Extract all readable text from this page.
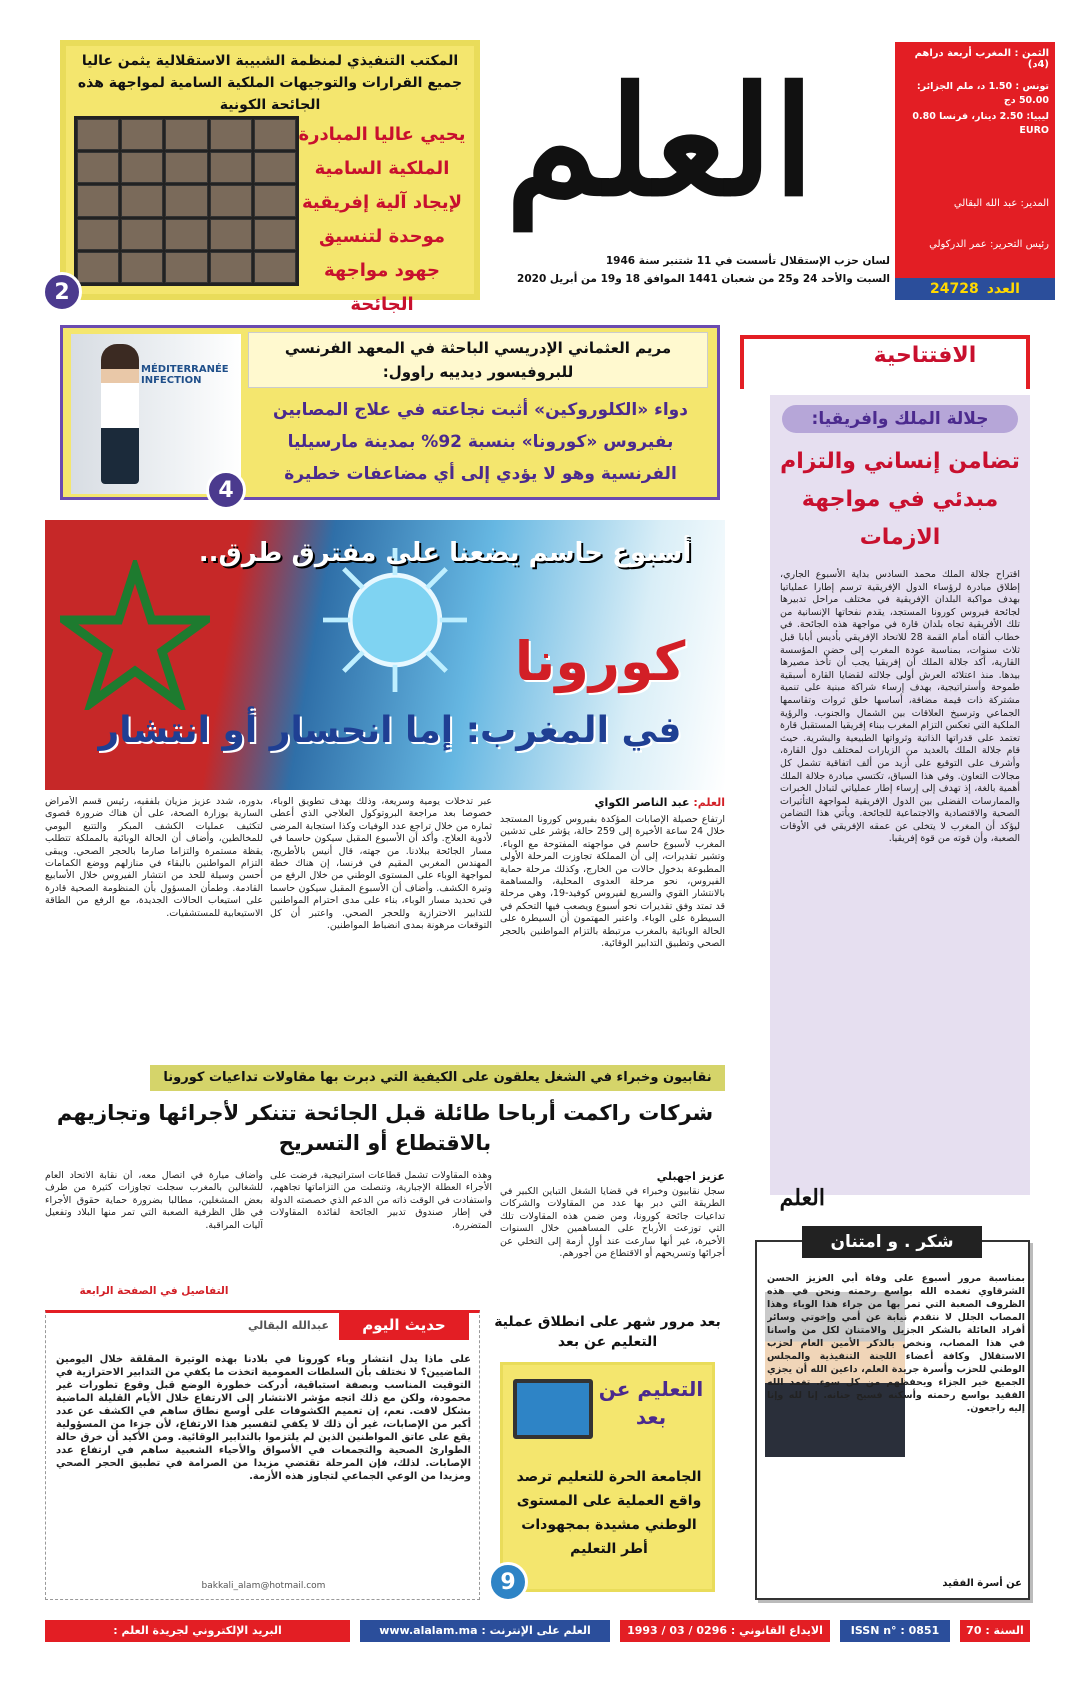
الثمن : المغرب أربعة دراهم (4د)
تونس : 1.50 د، ملم الجزائر: 50.00 دج
ليبيا: 2.50 دينار، فرنسا 0.80 EURO
المدير: عبد الله البقالي
رئيس التحرير: عمر الدركولي
العدد
24728
العلم
لسان حزب الإستقلال تأسست في 11 شتنبر سنة 1946
السبت والأحد 24 و25 من شعبان 1441 الموافق 18 و19 من أبريل 2020
المكتب التنفيذي لمنظمة الشبيبة الاستقلالية يثمن عاليا جميع القرارات والتوجيهات الملكية السامية لمواجهة هذه الجائحة الكونية
يحيي عاليا المبادرة الملكية السامية لإيجاد آلية إفريقية موحدة لتنسيق جهود مواجهة الجائحة
2
MÉDITERRANÉE INFECTION
مريم العثماني الإدريسي الباحثة في المعهد الفرنسي للبروفيسور ديدييه راوول:
دواء «الكلوروكين» أثبت نجاعته في علاج المصابين بفيروس «كورونا» بنسبة 92% بمدينة مارسيليا الفرنسية وهو لا يؤدي إلى أي مضاعفات خطيرة
4
أسبوع حاسم يضعنا على مفترق طرق..
كورونا
في المغرب: إما انحسار أو انتشار
العلم: عبد الناصر الكواي
ارتفاع حصيلة الإصابات المؤكدة بفيروس كورونا المستجد خلال 24 ساعة الأخيرة إلى 259 حالة، يؤشر على تدشين المغرب لأسبوع حاسم في مواجهته المفتوحة مع الوباء. وتشير تقديرات، إلى أن المملكة تجاوزت المرحلة الأولى المطبوعة بدخول حالات من الخارج، وكذلك مرحلة حماية الفيروس، نحو مرحلة العدوى المحلية، والمساهمة بالانتشار القوي والسريع لفيروس كوفيد-19، وهي مرحلة قد تمتد وفق تقديرات نحو أسبوع ويصعب فيها التحكم في السيطرة على الوباء. واعتبر المهتمون أن السيطرة على الحالة الوبائية بالمغرب مرتبطة بالتزام المواطنين بالحجر الصحي وتطبيق التدابير الوقائية.
عبر تدخلات يومية وسريعة، وذلك بهدف تطويق الوباء، خصوصا بعد مراجعة البروتوكول العلاجي الذي أعطى ثماره من خلال تراجع عدد الوفيات وكذا استجابة المرضى لأدوية العلاج. وأكد أن الأسبوع المقبل سيكون حاسما في مسار الجائحة ببلادنا. من جهته، قال أنيس بالأطريج، المهندس المغربي المقيم في فرنسا، إن هناك خطة لمواجهة الوباء على المستوى الوطني من خلال الرفع من وتيرة الكشف. وأضاف أن الأسبوع المقبل سيكون حاسما في تحديد مسار الوباء، بناء على مدى احترام المواطنين للتدابير الاحترازية وللحجر الصحي. واعتبر أن كل التوقعات مرهونة بمدى انضباط المواطنين.
بدوره، شدد عزيز مزيان بلفقيه، رئيس قسم الأمراض السارية بوزارة الصحة، على أن هناك ضرورة قصوى لتكثيف عمليات الكشف المبكر والتتبع اليومي للمخالطين، وأضاف أن الحالة الوبائية بالمملكة تتطلب يقظة مستمرة والتزاما صارما بالحجر الصحي. ويبقى التزام المواطنين بالبقاء في منازلهم ووضع الكمامات أحسن وسيلة للحد من انتشار الفيروس خلال الأسابيع القادمة. وطمأن المسؤول بأن المنظومة الصحية قادرة على استيعاب الحالات الجديدة، مع الرفع من الطاقة الاستيعابية للمستشفيات.
نقابيون وخبراء في الشغل يعلقون على الكيفية التي دبرت بها مقاولات تداعيات كورونا
شركات راكمت أرباحا طائلة قبل الجائحة تتنكر لأجرائها وتجازيهم بالاقتطاع أو التسريح
عزيز اجهبلي
سجل نقابيون وخبراء في قضايا الشغل التباين الكبير في الطريقة التي دبر بها عدد من المقاولات والشركات تداعيات جائحة كورونا، ومن ضمن هذه المقاولات تلك التي توزعت الأرباح على المساهمين خلال السنوات الأخيرة، غير أنها سارعت عند أول أزمة إلى التخلي عن أجرائها وتسريحهم أو الاقتطاع من أجورهم.
وهذه المقاولات تشمل قطاعات استراتيجية، فرضت على الأجراء العطلة الإجبارية، وتنصلت من التزاماتها تجاههم، واستفادت في الوقت ذاته من الدعم الذي خصصته الدولة في إطار صندوق تدبير الجائحة لفائدة المقاولات المتضررة.
وأضاف ميارة في اتصال معه، أن نقابة الاتحاد العام للشغالين بالمغرب سجلت تجاوزات كثيرة من طرف بعض المشغلين، مطالبا بضرورة حماية حقوق الأجراء في ظل الظرفية الصعبة التي تمر منها البلاد وتفعيل آليات المراقبة.
التفاصيل في الصفحة الرابعة
حديث اليوم
عبدالله البقالي
على ماذا يدل انتشار وباء كورونا في بلادنا بهذه الوتيرة المقلقة خلال اليومين الماضيين؟ لا نختلف بأن السلطات العمومية اتخذت ما يكفي من التدابير الاحترازية في التوقيت المناسب وبصفة استباقية، أدركت خطورة الوضع قبل وقوع تطورات غير محمودة، ولكن مع ذلك اتجه مؤشر الانتشار إلى الارتفاع خلال الأيام القليلة الماضية بشكل لافت. نعم، إن تعميم الكشوفات على أوسع نطاق ساهم في الكشف عن عدد أكبر من الإصابات، غير أن ذلك لا يكفي لتفسير هذا الارتفاع، لأن جزءا من المسؤولية يقع على عاتق المواطنين الذين لم يلتزموا بالتدابير الوقائية. ومن الأكيد أن خرق حالة الطوارئ الصحية والتجمعات في الأسواق والأحياء الشعبية ساهم في ارتفاع عدد الإصابات. لذلك، فإن المرحلة تقتضي مزيدا من الصرامة في تطبيق الحجر الصحي ومزيدا من الوعي الجماعي لتجاوز هذه الأزمة.
bakkali_alam@hotmail.com
بعد مرور شهر على انطلاق عملية التعليم عن بعد
التعليم عن بعد
الجامعة الحرة للتعليم ترصد واقع العملية على المستوى الوطني مشيدة بمجهودات أطر التعليم
9
الافتتاحية
جلالة الملك وافريقيا:
تضامن إنساني والتزام مبدئي في مواجهة الازمات
اقتراح جلالة الملك محمد السادس بداية الأسبوع الجاري، إطلاق مبادرة لرؤساء الدول الإفريقية ترسم إطارا عملياتيا بهدف مواكبة البلدان الإفريقية في مختلف مراحل تدبيرها لجائحة فيروس كورونا المستجد، يقدم نفحاتها الإنسانية من تلك الأفريقية تجاه بلدان قارة في مواجهة هذه الجائحة. في خطاب ألقاه أمام القمة 28 للاتحاد الإفريقي بأديس أبابا قبل ثلاث سنوات، بمناسبة عودة المغرب إلى حضن المؤسسة القارية، أكد جلالة الملك أن إفريقيا يجب أن تأخذ مصيرها بيدها. منذ اعتلائه العرش أولى جلالته لقضايا القارة أسبقية طموحة وأستراتيجية، بهدف إرساء شراكة مبنية على تنمية مشتركة ذات قيمة مضافة، أساسها خلق ثروات وتقاسمها الجماعي وترسيخ العلاقات بين الشمال والجنوب. والرؤية الملكية التي تعكس التزام المغرب ببناء إفريقيا المستقبل قارة تعتمد على قدراتها الذاتية وثرواتها الطبيعية والبشرية. حيث قام جلالة الملك بالعديد من الزيارات لمختلف دول القارة، وأشرف على التوقيع على أزيد من ألف اتفاقية تشمل كل مجالات التعاون. وفي هذا السياق، تكتسي مبادرة جلالة الملك أهمية بالغة، إذ تهدف إلى إرساء إطار عملياتي لتبادل الخبرات والممارسات الفضلى بين الدول الإفريقية لمواجهة التأثيرات الصحية والاقتصادية والاجتماعية للجائحة. ويأتي هذا التضامن ليؤكد أن المغرب لا يتخلى عن عمقه الإفريقي في الأوقات الصعبة، وأن قوته من قوة إفريقيا.
العلم
شكر . و امتنان
بمناسبة مرور أسبوع على وفاة أبي العزيز الحسن الشرقاوي تغمده الله بواسع رحمته ونحن في هذه الظروف الصعبة التي تمر بها من جراء هذا الوباء وهذا المصاب الجلل لا نتقدم نيابة عن أمي وإخوتي وسائر أفراد العائلة بالشكر الجزيل والامتنان لكل من واسانا في هذا المصاب، ونخص بالذكر الأمين العام لحزب الاستقلال وكافة أعضاء اللجنة التنفيذية والمجلس الوطني للحزب وأسرة جريدة العلم، داعين الله أن يجزي الجميع خير الجزاء ويحفظهم من كل سوء. تغمد الله الفقيد بواسع رحمته وأسكنه فسيح جنانه. إنا لله وإنا إليه راجعون.
عن أسرة الفقيد
السنة : 70
ISSN n° : 0851
الايداع القانوني : 0296 / 03 / 1993
العلم على الإنترنت : www.alalam.ma
البريد الإلكتروني لجريدة العلم : journalalam@yahoo.fr
